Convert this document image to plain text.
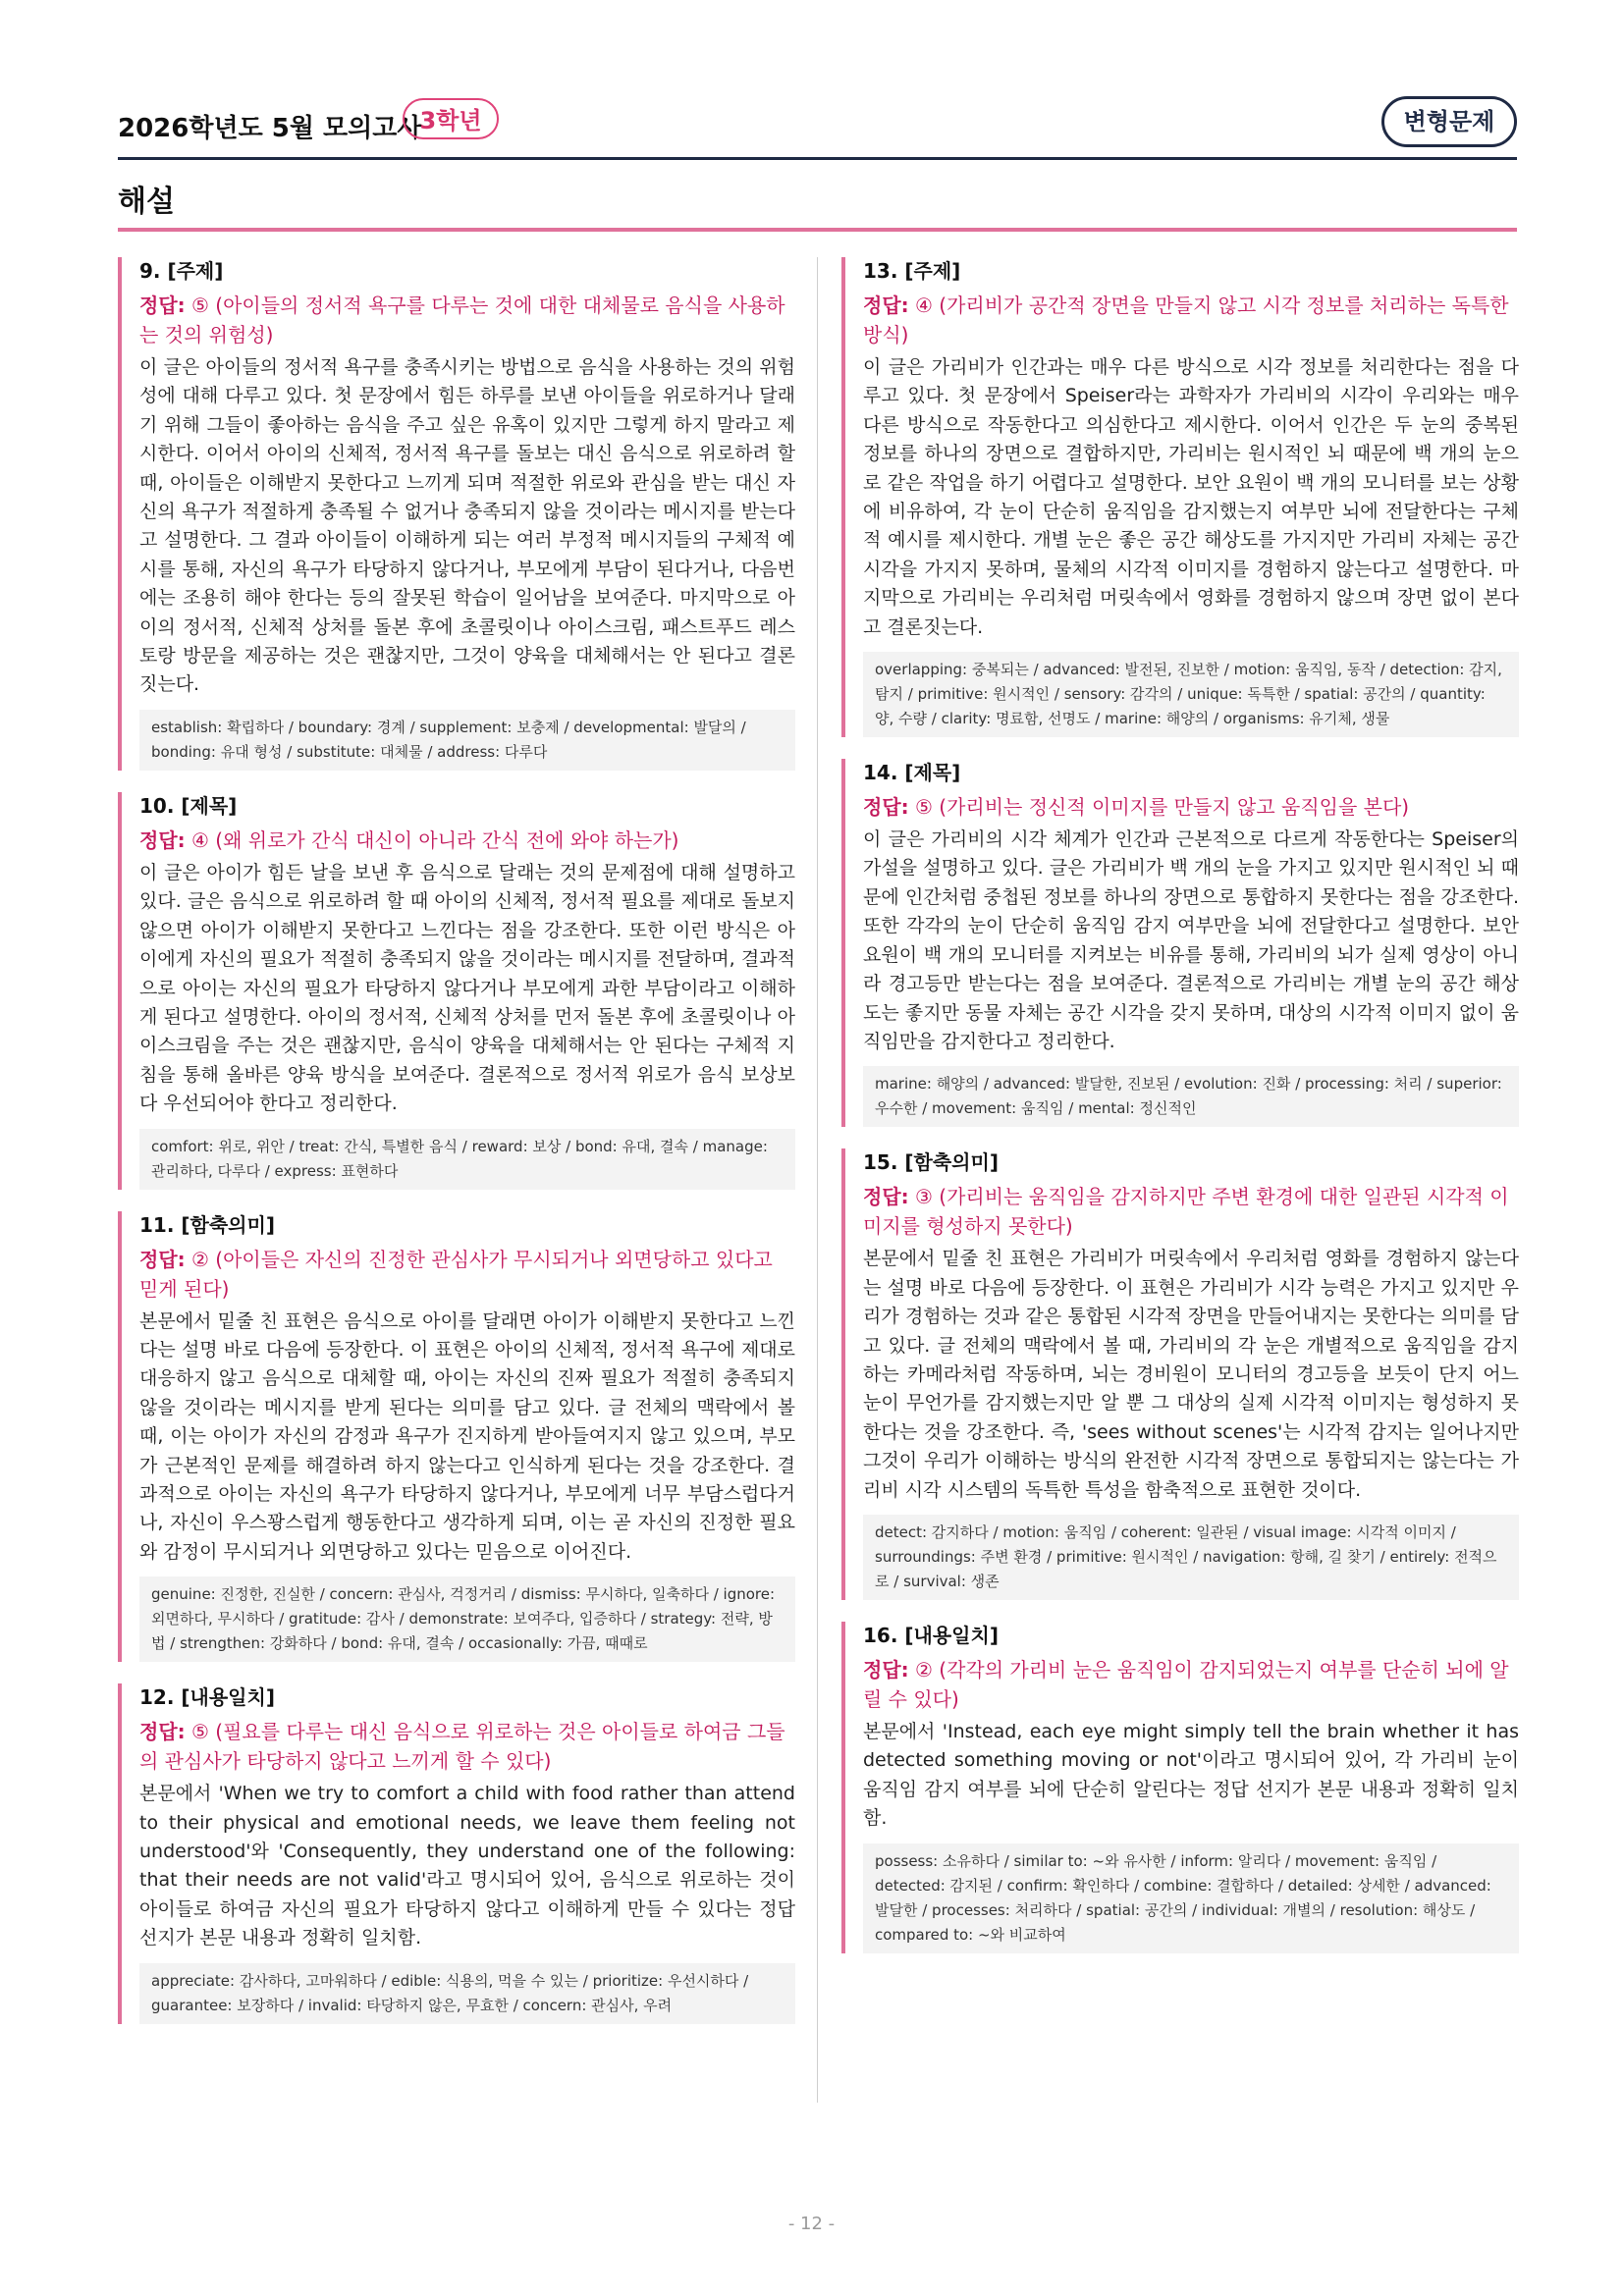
2026학년도 5월 모의고사
3학년	변형문제
해설
9. [주제]
정답: ⑤ (아이들의 정서적 욕구를 다루는 것에 대한 대체물로 음식을 사용하는 것의 위험성)

이 글은 아이들의 정서적 욕구를 충족시키는 방법으로 음식을 사용하는 것의 위험성에 대해 다루고 있다. 첫 문장에서 힘든 하루를 보낸 아이들을 위로하거나 달래기 위해 그들이 좋아하는 음식을 주고 싶은 유혹이 있지만 그렇게 하지 말라고 제시한다. 이어서 아이의 신체적, 정서적 욕구를 돌보는 대신 음식으로 위로하려 할 때, 아이들은 이해받지 못한다고 느끼게 되며 적절한 위로와 관심을 받는 대신 자신의 욕구가 적절하게 충족될 수 없거나 충족되지 않을 것이라는 메시지를 받는다고 설명한다. 그 결과 아이들이 이해하게 되는 여러 부정적 메시지들의 구체적 예시를 통해, 자신의 욕구가 타당하지 않다거나, 부모에게 부담이 된다거나, 다음번에는 조용히 해야 한다는 등의 잘못된 학습이 일어남을 보여준다. 마지막으로 아이의 정서적, 신체적 상처를 돌본 후에 초콜릿이나 아이스크림, 패스트푸드 레스토랑 방문을 제공하는 것은 괜찮지만, 그것이 양육을 대체해서는 안 된다고 결론짓는다.

establish: 확립하다 / boundary: 경계 / supplement: 보충제 / developmental: 발달의 / bonding: 유대 형성 / substitute: 대체물 / address: 다루다
10. [제목]
정답: ④ (왜 위로가 간식 대신이 아니라 간식 전에 와야 하는가)

이 글은 아이가 힘든 날을 보낸 후 음식으로 달래는 것의 문제점에 대해 설명하고 있다. 글은 음식으로 위로하려 할 때 아이의 신체적, 정서적 필요를 제대로 돌보지 않으면 아이가 이해받지 못한다고 느낀다는 점을 강조한다. 또한 이런 방식은 아이에게 자신의 필요가 적절히 충족되지 않을 것이라는 메시지를 전달하며, 결과적으로 아이는 자신의 필요가 타당하지 않다거나 부모에게 과한 부담이라고 이해하게 된다고 설명한다. 아이의 정서적, 신체적 상처를 먼저 돌본 후에 초콜릿이나 아이스크림을 주는 것은 괜찮지만, 음식이 양육을 대체해서는 안 된다는 구체적 지침을 통해 올바른 양육 방식을 보여준다. 결론적으로 정서적 위로가 음식 보상보다 우선되어야 한다고 정리한다.

comfort: 위로, 위안 / treat: 간식, 특별한 음식 / reward: 보상 / bond: 유대, 결속 / manage: 관리하다, 다루다 / express: 표현하다
11. [함축의미]
정답: ② (아이들은 자신의 진정한 관심사가 무시되거나 외면당하고 있다고 믿게 된다)

본문에서 밑줄 친 표현은 음식으로 아이를 달래면 아이가 이해받지 못한다고 느낀다는 설명 바로 다음에 등장한다. 이 표현은 아이의 신체적, 정서적 욕구에 제대로 대응하지 않고 음식으로 대체할 때, 아이는 자신의 진짜 필요가 적절히 충족되지 않을 것이라는 메시지를 받게 된다는 의미를 담고 있다. 글 전체의 맥락에서 볼 때, 이는 아이가 자신의 감정과 욕구가 진지하게 받아들여지지 않고 있으며, 부모가 근본적인 문제를 해결하려 하지 않는다고 인식하게 된다는 것을 강조한다. 결과적으로 아이는 자신의 욕구가 타당하지 않다거나, 부모에게 너무 부담스럽다거나, 자신이 우스꽝스럽게 행동한다고 생각하게 되며, 이는 곧 자신의 진정한 필요와 감정이 무시되거나 외면당하고 있다는 믿음으로 이어진다.

genuine: 진정한, 진실한 / concern: 관심사, 걱정거리 / dismiss: 무시하다, 일축하다 / ignore: 외면하다, 무시하다 / gratitude: 감사 / demonstrate: 보여주다, 입증하다 / strategy: 전략, 방법 / strengthen: 강화하다 / bond: 유대, 결속 / occasionally: 가끔, 때때로
12. [내용일치]
정답: ⑤ (필요를 다루는 대신 음식으로 위로하는 것은 아이들로 하여금 그들의 관심사가 타당하지 않다고 느끼게 할 수 있다)

본문에서 'When we try to comfort a child with food rather than attend to their physical and emotional needs, we leave them feeling not understood'와 'Consequently, they understand one of the following: that their needs are not valid'라고 명시되어 있어, 음식으로 위로하는 것이 아이들로 하여금 자신의 필요가 타당하지 않다고 이해하게 만들 수 있다는 정답 선지가 본문 내용과 정확히 일치함.

appreciate: 감사하다, 고마워하다 / edible: 식용의, 먹을 수 있는 / prioritize: 우선시하다 / guarantee: 보장하다 / invalid: 타당하지 않은, 무효한 / concern: 관심사, 우려
13. [주제]
정답: ④ (가리비가 공간적 장면을 만들지 않고 시각 정보를 처리하는 독특한 방식)

이 글은 가리비가 인간과는 매우 다른 방식으로 시각 정보를 처리한다는 점을 다루고 있다. 첫 문장에서 Speiser라는 과학자가 가리비의 시각이 우리와는 매우 다른 방식으로 작동한다고 의심한다고 제시한다. 이어서 인간은 두 눈의 중복된 정보를 하나의 장면으로 결합하지만, 가리비는 원시적인 뇌 때문에 백 개의 눈으로 같은 작업을 하기 어렵다고 설명한다. 보안 요원이 백 개의 모니터를 보는 상황에 비유하여, 각 눈이 단순히 움직임을 감지했는지 여부만 뇌에 전달한다는 구체적 예시를 제시한다. 개별 눈은 좋은 공간 해상도를 가지지만 가리비 자체는 공간 시각을 가지지 못하며, 물체의 시각적 이미지를 경험하지 않는다고 설명한다. 마지막으로 가리비는 우리처럼 머릿속에서 영화를 경험하지 않으며 장면 없이 본다고 결론짓는다.

overlapping: 중복되는 / advanced: 발전된, 진보한 / motion: 움직임, 동작 / detection: 감지, 탐지 / primitive: 원시적인 / sensory: 감각의 / unique: 독특한 / spatial: 공간의 / quantity: 양, 수량 / clarity: 명료함, 선명도 / marine: 해양의 / organisms: 유기체, 생물
14. [제목]
정답: ⑤ (가리비는 정신적 이미지를 만들지 않고 움직임을 본다)

이 글은 가리비의 시각 체계가 인간과 근본적으로 다르게 작동한다는 Speiser의 가설을 설명하고 있다. 글은 가리비가 백 개의 눈을 가지고 있지만 원시적인 뇌 때문에 인간처럼 중첩된 정보를 하나의 장면으로 통합하지 못한다는 점을 강조한다. 또한 각각의 눈이 단순히 움직임 감지 여부만을 뇌에 전달한다고 설명한다. 보안 요원이 백 개의 모니터를 지켜보는 비유를 통해, 가리비의 뇌가 실제 영상이 아니라 경고등만 받는다는 점을 보여준다. 결론적으로 가리비는 개별 눈의 공간 해상도는 좋지만 동물 자체는 공간 시각을 갖지 못하며, 대상의 시각적 이미지 없이 움직임만을 감지한다고 정리한다.

marine: 해양의 / advanced: 발달한, 진보된 / evolution: 진화 / processing: 처리 / superior: 우수한 / movement: 움직임 / mental: 정신적인
15. [함축의미]
정답: ③ (가리비는 움직임을 감지하지만 주변 환경에 대한 일관된 시각적 이미지를 형성하지 못한다)

본문에서 밑줄 친 표현은 가리비가 머릿속에서 우리처럼 영화를 경험하지 않는다는 설명 바로 다음에 등장한다. 이 표현은 가리비가 시각 능력은 가지고 있지만 우리가 경험하는 것과 같은 통합된 시각적 장면을 만들어내지는 못한다는 의미를 담고 있다. 글 전체의 맥락에서 볼 때, 가리비의 각 눈은 개별적으로 움직임을 감지하는 카메라처럼 작동하며, 뇌는 경비원이 모니터의 경고등을 보듯이 단지 어느 눈이 무언가를 감지했는지만 알 뿐 그 대상의 실제 시각적 이미지는 형성하지 못한다는 것을 강조한다. 즉, 'sees without scenes'는 시각적 감지는 일어나지만 그것이 우리가 이해하는 방식의 완전한 시각적 장면으로 통합되지는 않는다는 가리비 시각 시스템의 독특한 특성을 함축적으로 표현한 것이다.

detect: 감지하다 / motion: 움직임 / coherent: 일관된 / visual image: 시각적 이미지 / surroundings: 주변 환경 / primitive: 원시적인 / navigation: 항해, 길 찾기 / entirely: 전적으로 / survival: 생존
16. [내용일치]
정답: ② (각각의 가리비 눈은 움직임이 감지되었는지 여부를 단순히 뇌에 알릴 수 있다)

본문에서 'Instead, each eye might simply tell the brain whether it has detected something moving or not'이라고 명시되어 있어, 각 가리비 눈이 움직임 감지 여부를 뇌에 단순히 알린다는 정답 선지가 본문 내용과 정확히 일치함.

possess: 소유하다 / similar to: ~와 유사한 / inform: 알리다 / movement: 움직임 / detected: 감지된 / confirm: 확인하다 / combine: 결합하다 / detailed: 상세한 / advanced: 발달한 / processes: 처리하다 / spatial: 공간의 / individual: 개별의 / resolution: 해상도 / compared to: ~와 비교하여
- 12 -
